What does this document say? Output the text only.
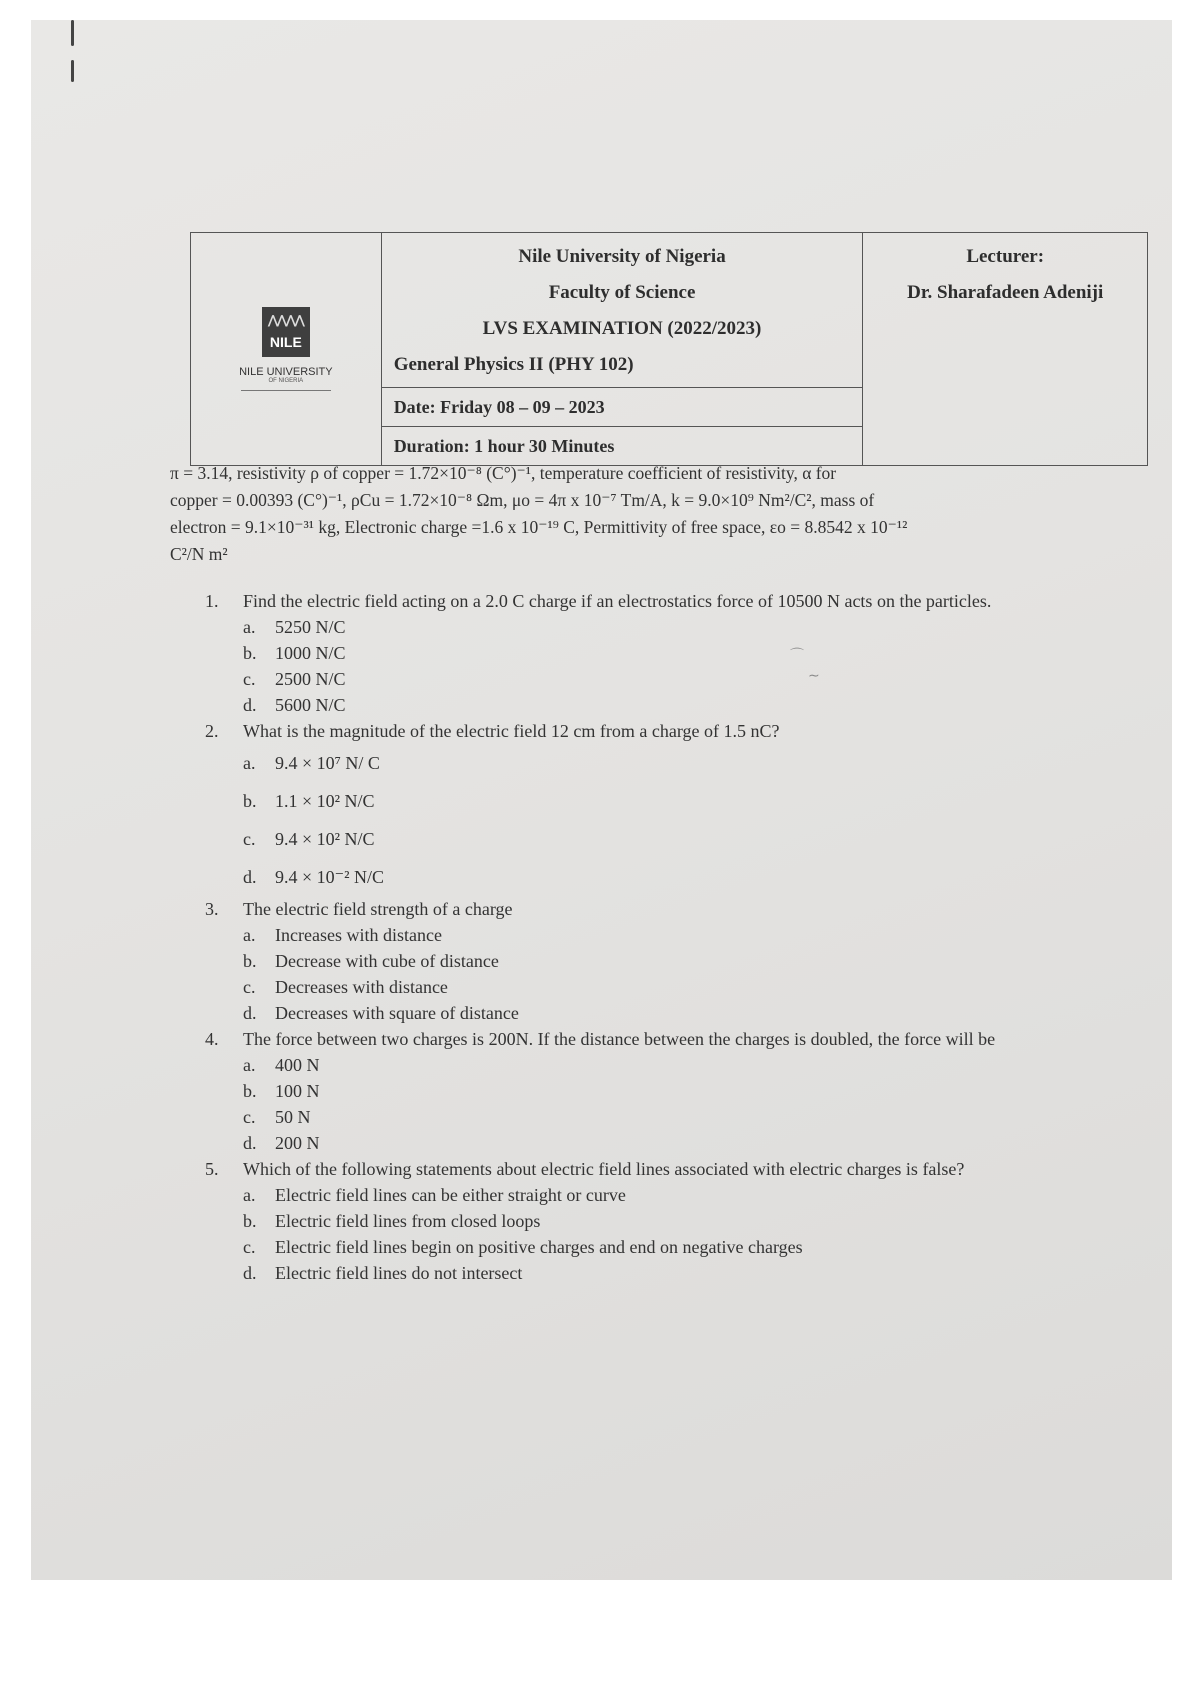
⋀⋀⋀⋀
NILE
NILE UNIVERSITY
OF NIGERIA

Nile University of Nigeria
Faculty of Science
LVS EXAMINATION (2022/2023)
General Physics II (PHY 102)

Lecturer:
Dr. Sharafadeen Adeniji

Date: Friday 08 – 09 – 2023
Duration: 1 hour 30 Minutes

π = 3.14, resistivity ρ of copper = 1.72×10⁻⁸ (C°)⁻¹, temperature coefficient of resistivity, α for

copper = 0.00393 (C°)⁻¹, ρCu = 1.72×10⁻⁸ Ωm, μo = 4π x 10⁻⁷ Tm/A, k = 9.0×10⁹ Nm²/C², mass of

electron = 9.1×10⁻³¹ kg, Electronic charge =1.6 x 10⁻¹⁹ C, Permittivity of free space, εo = 8.8542 x 10⁻¹²

C²/N m²

1. Find the electric field acting on a 2.0 C charge if an electrostatics force of 10500 N acts on the particles.
a. 5250 N/C
b. 1000 N/C
c. 2500 N/C
d. 5600 N/C
2. What is the magnitude of the electric field 12 cm from a charge of 1.5 nC?
a. 9.4 × 10⁷ N/ C
b. 1.1 × 10² N/C
c. 9.4 × 10² N/C
d. 9.4 × 10⁻² N/C
3. The electric field strength of a charge
a. Increases with distance
b. Decrease with cube of distance
c. Decreases with distance
d. Decreases with square of distance
4. The force between two charges is 200N. If the distance between the charges is doubled, the force will be
a. 400 N
b. 100 N
c. 50 N
d. 200 N
5. Which of the following statements about electric field lines associated with electric charges is false?
a. Electric field lines can be either straight or curve
b. Electric field lines from closed loops
c. Electric field lines begin on positive charges and end on negative charges
d. Electric field lines do not intersect
⌒
∼
